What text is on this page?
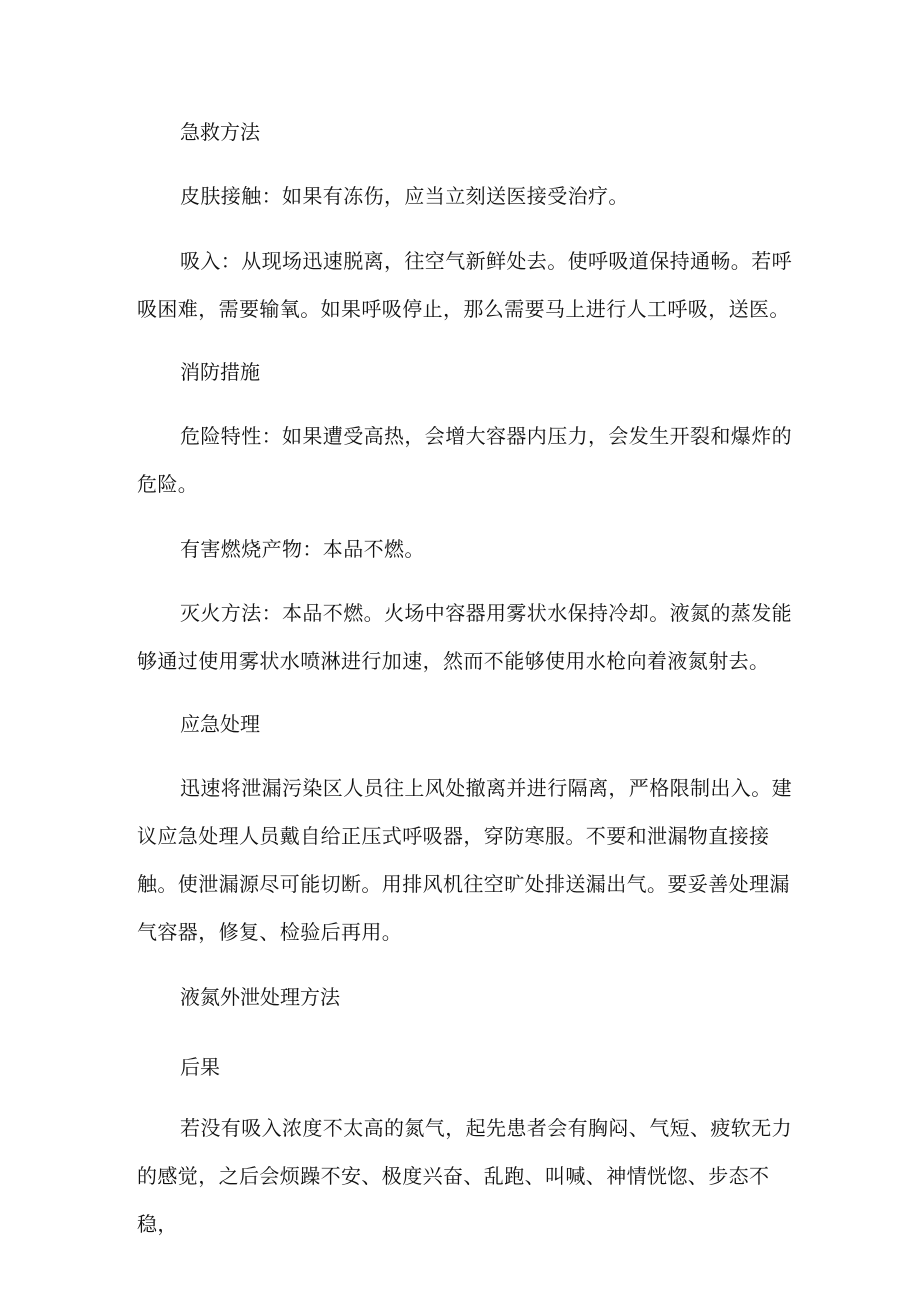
急救方法

皮肤接触：如果有冻伤，应当立刻送医接受治疗。

吸入：从现场迅速脱离，往空气新鲜处去。使呼吸道保持通畅。若呼吸困难，需要输氧。如果呼吸停止，那么需要马上进行人工呼吸，送医。

消防措施

危险特性：如果遭受高热，会增大容器内压力，会发生开裂和爆炸的危险。

有害燃烧产物：本品不燃。

灭火方法：本品不燃。火场中容器用雾状水保持冷却。液氮的蒸发能够通过使用雾状水喷淋进行加速，然而不能够使用水枪向着液氮射去。

应急处理

迅速将泄漏污染区人员往上风处撤离并进行隔离，严格限制出入。建议应急处理人员戴自给正压式呼吸器，穿防寒服。不要和泄漏物直接接触。使泄漏源尽可能切断。用排风机往空旷处排送漏出气。要妥善处理漏气容器，修复、检验后再用。

液氮外泄处理方法
后果

若没有吸入浓度不太高的氮气，起先患者会有胸闷、气短、疲软无力的感觉，之后会烦躁不安、极度兴奋、乱跑、叫喊、神情恍惚、步态不稳，
